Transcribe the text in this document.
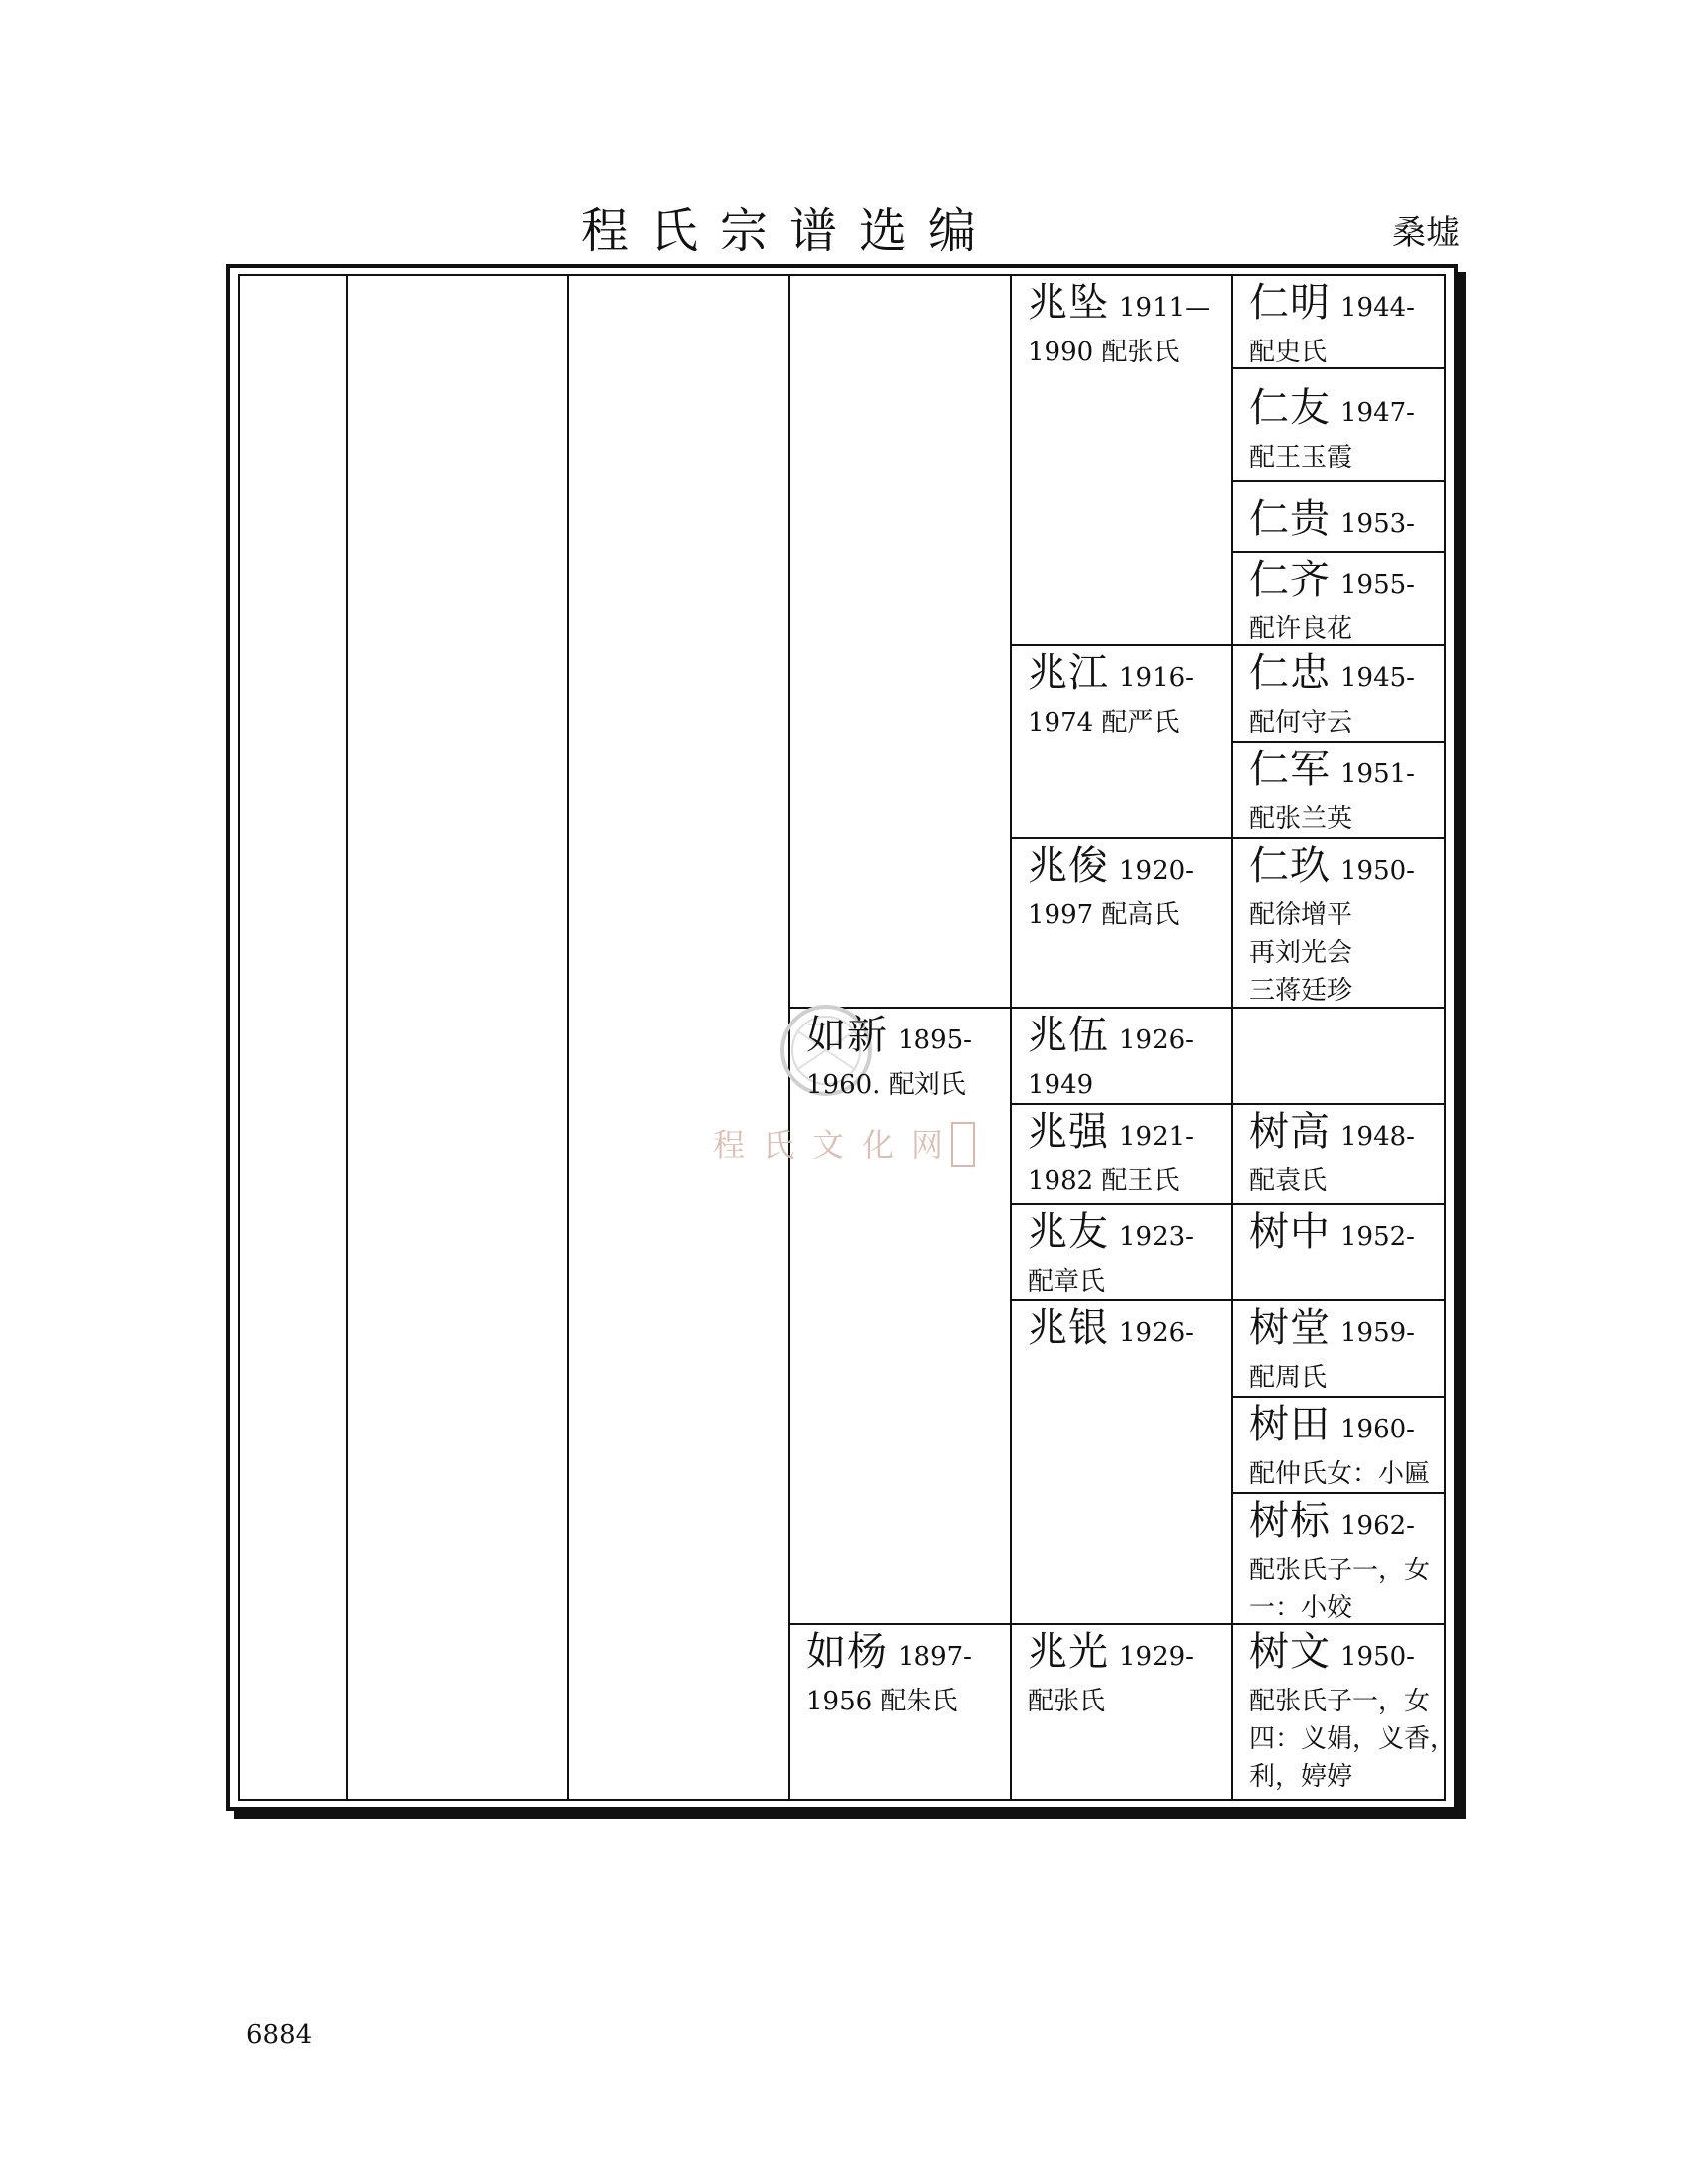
程氏宗谱选编	桑墟
程氏文化网
如新 1895-
1960. 配刘氏
如杨 1897-
1956 配朱氏
兆坠 1911—
1990 配张氏
兆江 1916-
1974 配严氏
兆俊 1920-
1997 配高氏
兆伍 1926-
1949
兆强 1921-
1982 配王氏
兆友 1923-
配章氏
兆银 1926-
兆光 1929-
配张氏
仁明 1944-
配史氏
仁友 1947-
配王玉霞
仁贵 1953-
仁齐 1955-
配许良花
仁忠 1945-
配何守云
仁军 1951-
配张兰英
仁玖 1950-
配徐增平
再刘光会
三蒋廷珍
树高 1948-
配袁氏
树中 1952-
树堂 1959-
配周氏
树田 1960-
配仲氏女：小匾
树标 1962-
配张氏子一，女
一：小姣
树文 1950-
配张氏子一，女
四：义娟，义香，
利，婷婷
6884
